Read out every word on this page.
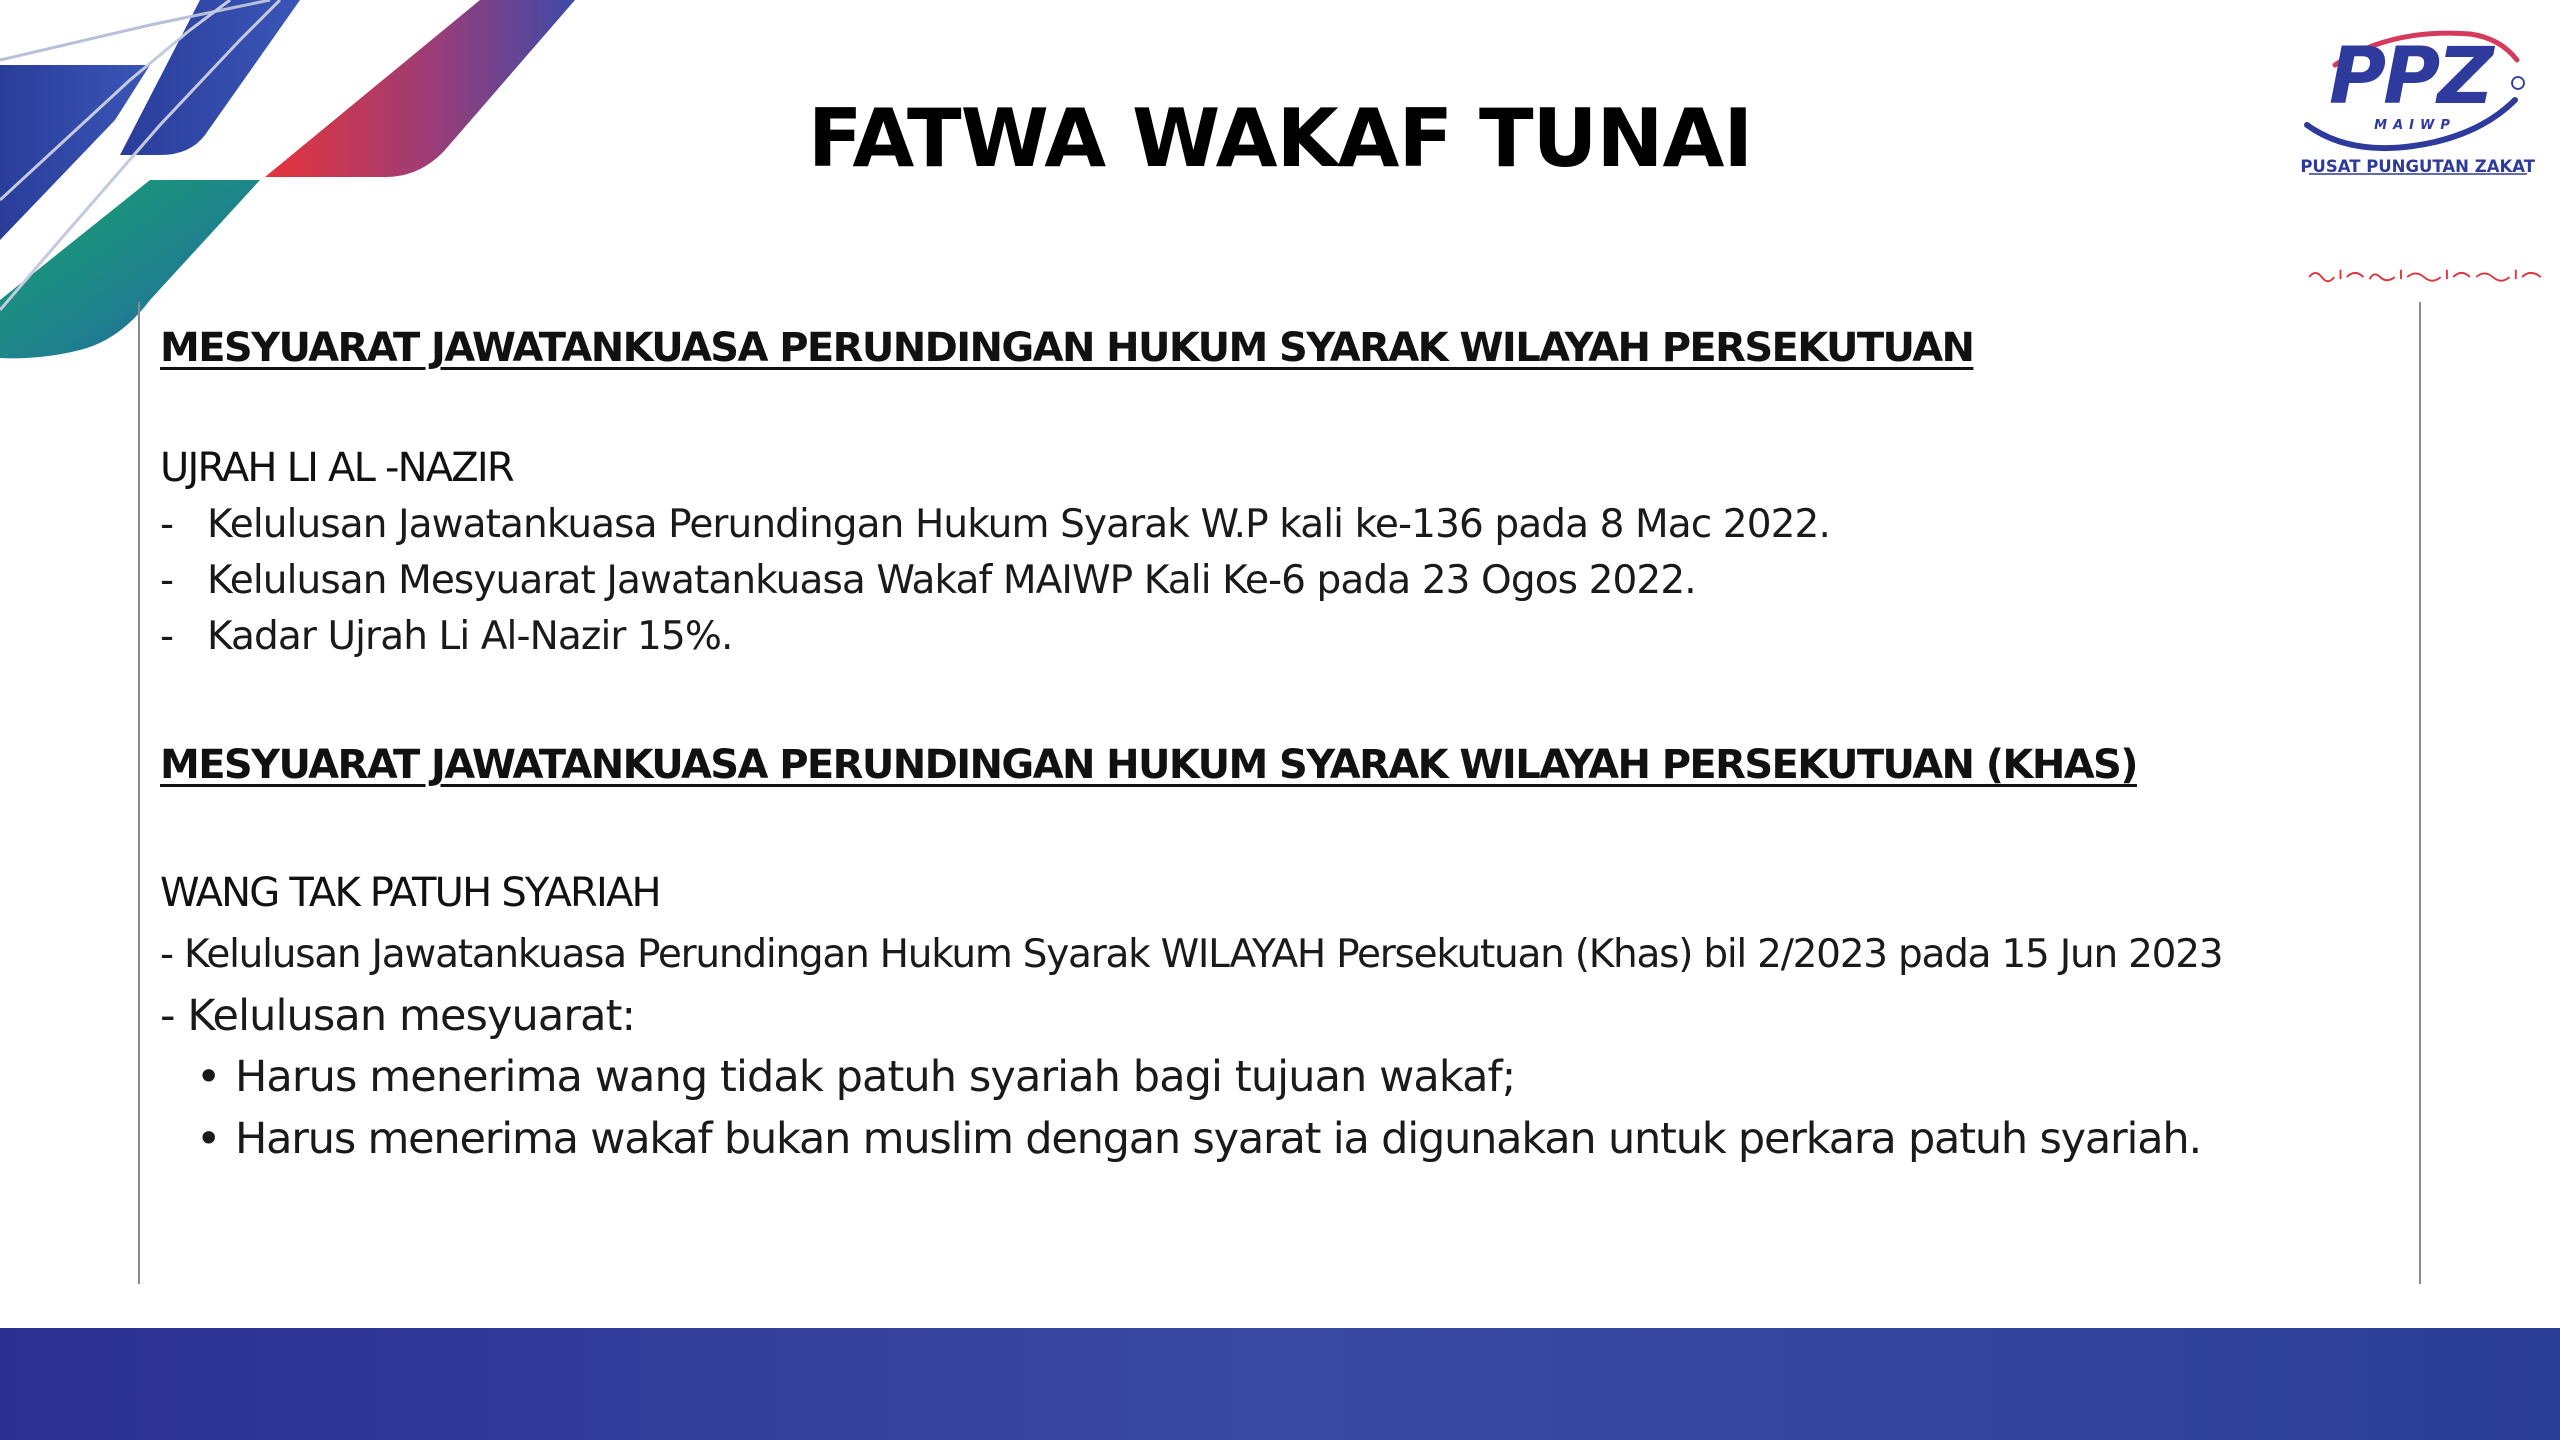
PPZ
MAIWP
PUSAT PUNGUTAN ZAKAT
FATWA WAKAF TUNAI
MESYUARAT JAWATANKUASA PERUNDINGAN HUKUM SYARAK WILAYAH PERSEKUTUAN
UJRAH LI AL -NAZIR
- Kelulusan Jawatankuasa Perundingan Hukum Syarak W.P kali ke-136 pada 8 Mac 2022.
- Kelulusan Mesyuarat Jawatankuasa Wakaf MAIWP Kali Ke-6 pada 23 Ogos 2022.
- Kadar Ujrah Li Al-Nazir 15%.
MESYUARAT JAWATANKUASA PERUNDINGAN HUKUM SYARAK WILAYAH PERSEKUTUAN (KHAS)
WANG TAK PATUH SYARIAH
- Kelulusan Jawatankuasa Perundingan Hukum Syarak WILAYAH Persekutuan (Khas) bil 2/2023 pada 15 Jun 2023
- Kelulusan mesyuarat:
• Harus menerima wang tidak patuh syariah bagi tujuan wakaf;
• Harus menerima wakaf bukan muslim dengan syarat ia digunakan untuk perkara patuh syariah.
